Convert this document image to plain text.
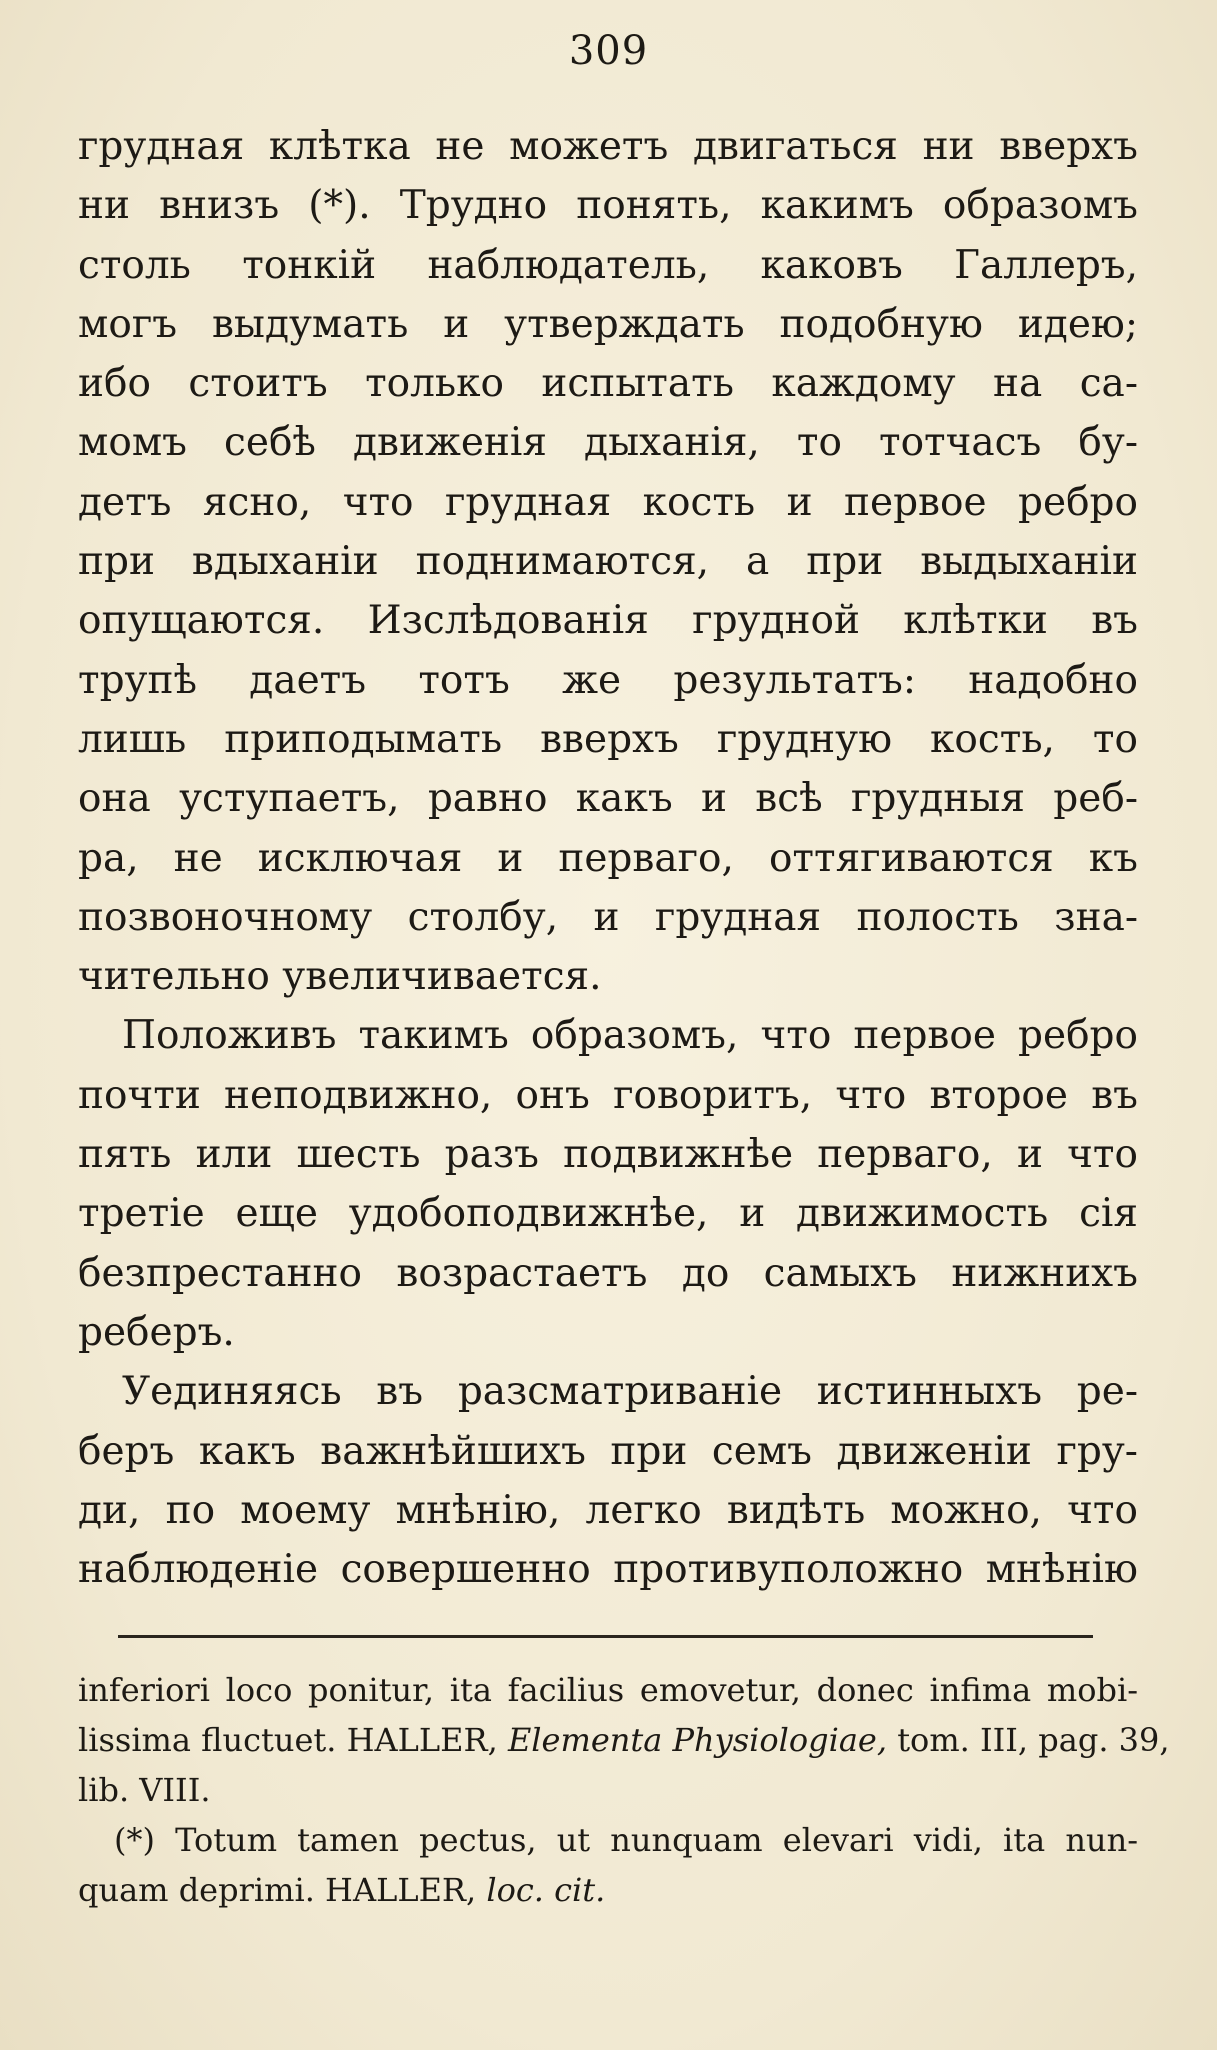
309
грудная клѣтка не можетъ двигаться ни вверхъ
ни внизъ (*). Трудно понять, какимъ образомъ
столь тонкій наблюдатель, каковъ Галлеръ,
могъ выдумать и утверждать подобную идею;
ибо стоитъ только испытать каждому на са-
момъ себѣ движенія дыханія, то тотчасъ бу-
детъ ясно, что грудная кость и первое ребро
при вдыханіи поднимаются, а при выдыханіи
опущаются. Изслѣдованія грудной клѣтки въ
трупѣ даетъ тотъ же результатъ: надобно
лишь приподымать вверхъ грудную кость, то
она уступаетъ, равно какъ и всѣ грудныя реб-
ра, не исключая и перваго, оттягиваются къ
позвоночному столбу, и грудная полость зна-
чительно увеличивается.
Положивъ такимъ образомъ, что первое ребро
почти неподвижно, онъ говоритъ, что второе въ
пять или шесть разъ подвижнѣе перваго, и что
третіе еще удобоподвижнѣе, и движимость сія
безпрестанно возрастаетъ до самыхъ нижнихъ
реберъ.
Уединяясь въ разсматриваніе истинныхъ ре-
беръ какъ важнѣйшихъ при семъ движеніи гру-
ди, по моему мнѣнію, легко видѣть можно, что
наблюденіе совершенно противуположно мнѣнію
inferiori loco ponitur, ita facilius emovetur, donec infima mobi-
lissima fluctuet. HALLER, Elementa Physiologiae, tom. III, pag. 39,
lib. VIII.
(*) Totum tamen pectus, ut nunquam elevari vidi, ita nun-
quam deprimi. HALLER, loc. cit.
